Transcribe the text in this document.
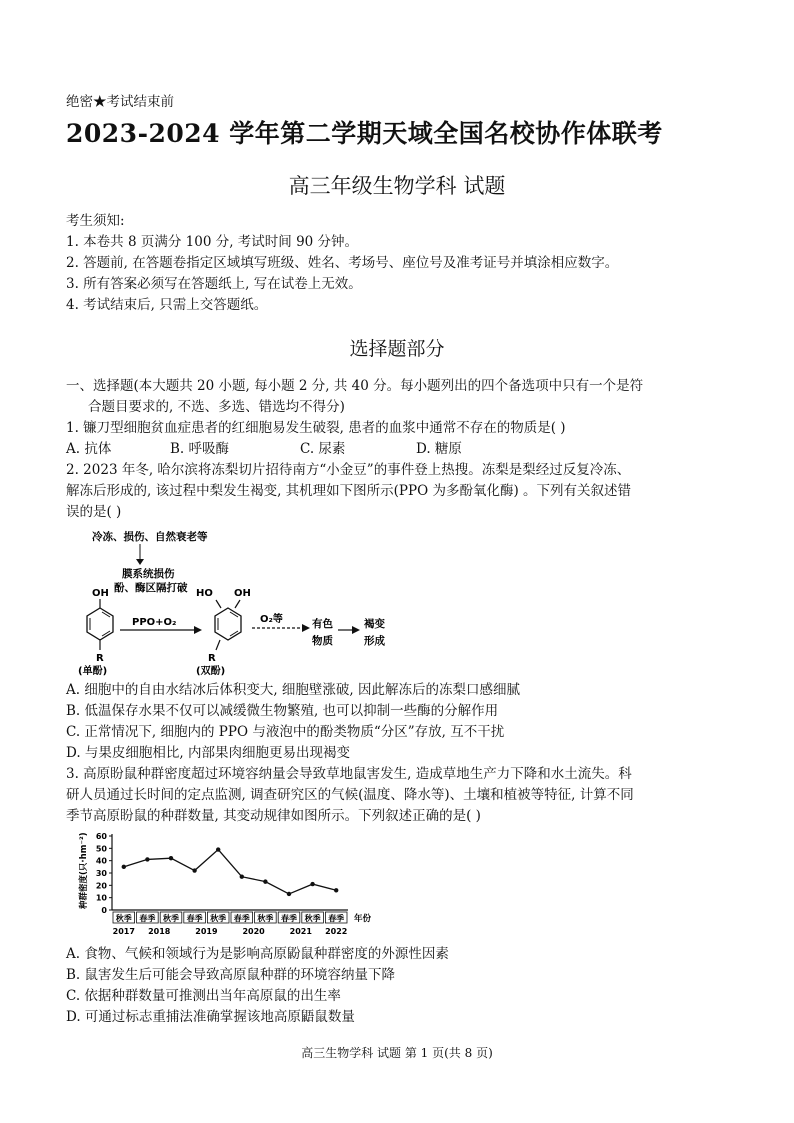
绝密★考试结束前
2023-2024 学年第二学期天域全国名校协作体联考
高三年级生物学科 试题
考生须知:
1. 本卷共 8 页满分 100 分, 考试时间 90 分钟。
2. 答题前, 在答题卷指定区域填写班级、姓名、考场号、座位号及准考证号并填涂相应数字。
3. 所有答案必须写在答题纸上, 写在试卷上无效。
4. 考试结束后, 只需上交答题纸。
选择题部分
一、选择题(本大题共 20 小题, 每小题 2 分, 共 40 分。每小题列出的四个备选项中只有一个是符
合题目要求的, 不选、多选、错选均不得分)
1. 镰刀型细胞贫血症患者的红细胞易发生破裂, 患者的血浆中通常不存在的物质是( )
A. 抗体	B. 呼吸酶	C. 尿素	D. 糖原
2. 2023 年冬, 哈尔滨将冻梨切片招待南方“小金豆”的事件登上热搜。冻梨是梨经过反复冷冻、
解冻后形成的, 该过程中梨发生褐变, 其机理如下图所示(PPO 为多酚氧化酶) 。下列有关叙述错
误的是( )
冷冻、损伤、自然衰老等
膜系统损伤
酚、酶区隔打破
OH
R
(单酚)
PPO+O₂
HO OH
R
(双酚)
O₂等	有色
物质
褐变
形成
A. 细胞中的自由水结冰后体积变大, 细胞壁涨破, 因此解冻后的冻梨口感细腻
B. 低温保存水果不仅可以减缓微生物繁殖, 也可以抑制一些酶的分解作用
C. 正常情况下, 细胞内的 PPO 与液泡中的酚类物质“分区”存放, 互不干扰
D. 与果皮细胞相比, 内部果肉细胞更易出现褐变
3. 高原盼鼠种群密度超过环境容纳量会导致草地鼠害发生, 造成草地生产力下降和水土流失。科
研人员通过长时间的定点监测, 调查研究区的气候(温度、降水等)、土壤和植被等特征, 计算不同
季节高原盼鼠的种群数量, 其变动规律如图所示。下列叙述正确的是( )
种群密度(只·hm⁻²)
年份
0
10
20
30
40
50
60
秋季 春季 秋季 春季 秋季 春季 秋季 春季 秋季 春季
2017 2018	2019	2020	2021 2022
A. 食物、气候和领域行为是影响高原鼢鼠种群密度的外源性因素
B. 鼠害发生后可能会导致高原鼠种群的环境容纳量下降
C. 依据种群数量可推测出当年高原鼠的出生率
D. 可通过标志重捕法准确掌握该地高原鼯鼠数量
高三生物学科 试题 第 1 页(共 8 页)
